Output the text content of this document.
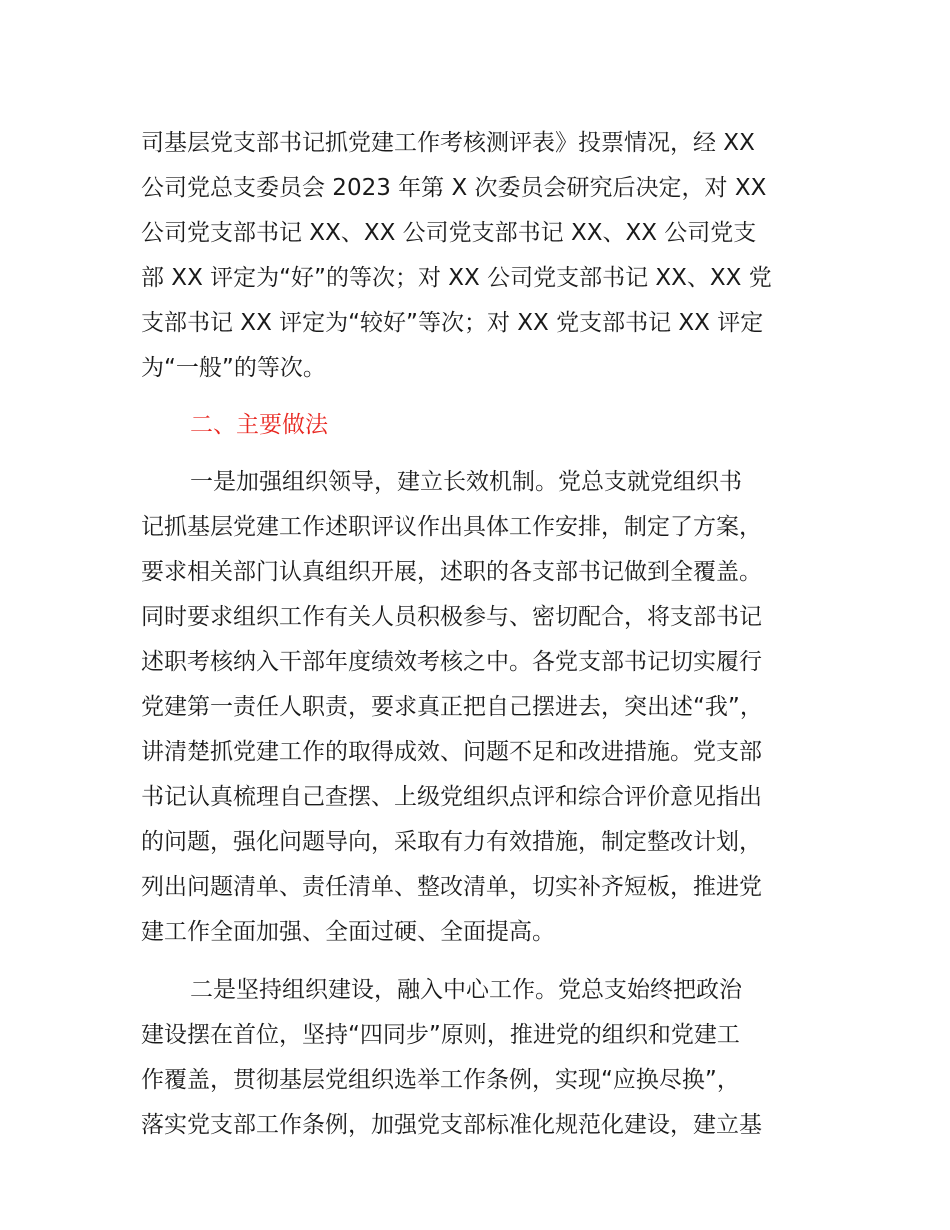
司基层党支部书记抓党建工作考核测评表》投票情况，经 XX
公司党总支委员会 2023 年第 X 次委员会研究后决定，对 XX
公司党支部书记 XX、XX 公司党支部书记 XX、XX 公司党支
部 XX 评定为“好”的等次；对 XX 公司党支部书记 XX、XX 党
支部书记 XX 评定为“较好”等次；对 XX 党支部书记 XX 评定
为“一般”的等次。
二、主要做法
一是加强组织领导，建立长效机制。党总支就党组织书
记抓基层党建工作述职评议作出具体工作安排，制定了方案，
要求相关部门认真组织开展，述职的各支部书记做到全覆盖。
同时要求组织工作有关人员积极参与、密切配合，将支部书记
述职考核纳入干部年度绩效考核之中。各党支部书记切实履行
党建第一责任人职责，要求真正把自己摆进去，突出述“我”，
讲清楚抓党建工作的取得成效、问题不足和改进措施。党支部
书记认真梳理自己查摆、上级党组织点评和综合评价意见指出
的问题，强化问题导向，采取有力有效措施，制定整改计划，
列出问题清单、责任清单、整改清单，切实补齐短板，推进党
建工作全面加强、全面过硬、全面提高。
二是坚持组织建设，融入中心工作。党总支始终把政治
建设摆在首位，坚持“四同步”原则，推进党的组织和党建工
作覆盖，贯彻基层党组织选举工作条例，实现“应换尽换”，
落实党支部工作条例，加强党支部标准化规范化建设，建立基
